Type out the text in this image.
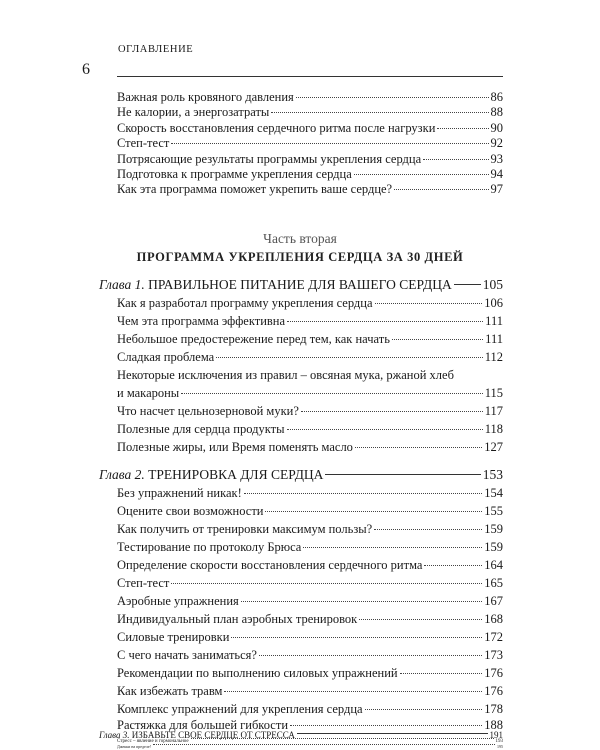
ОГЛАВЛЕНИЕ
6
Важная роль кровяного давления	86
Не калории, а энергозатраты	88
Скорость восстановления сердечного ритма после нагрузки	90
Степ-тест	92
Потрясающие результаты программы укрепления сердца	93
Подготовка к программе укрепления сердца	94
Как эта программа поможет укрепить ваше сердце?	97
Часть вторая
ПРОГРАММА УКРЕПЛЕНИЯ СЕРДЦА ЗА 30 ДНЕЙ
Глава 1. ПРАВИЛЬНОЕ ПИТАНИЕ ДЛЯ ВАШЕГО СЕРДЦА 105
Как я разработал программу укрепления сердца	106
Чем эта программа эффективна	111
Небольшое предостережение перед тем, как начать	111
Сладкая проблема	112
Некоторые исключения из правил – овсяная мука, ржаной хлеб
и макароны	115
Что насчет цельнозерновой муки?	117
Полезные для сердца продукты	118
Полезные жиры, или Время поменять масло	127
Глава 2. ТРЕНИРОВКА ДЛЯ СЕРДЦА	153
Без упражнений никак!	154
Оцените свои возможности	155
Как получить от тренировки максимум пользы?	159
Тестирование по протоколу Брюса	159
Определение скорости восстановления сердечного ритма	164
Степ-тест	165
Аэробные упражнения	167
Индивидуальный план аэробных тренировок	168
Силовые тренировки	172
С чего начать заниматься?	173
Рекомендации по выполнению силовых упражнений	176
Как избежать травм	176
Комплекс упражнений для укрепления сердца	178
Растяжка для большей гибкости	188
Глава 3. ИЗБАВЬТЕ СВОЕ СЕРДЦЕ ОТ СТРЕССА	191
Стресс – явление и гормональное	193
Джекки на пределе!	195
